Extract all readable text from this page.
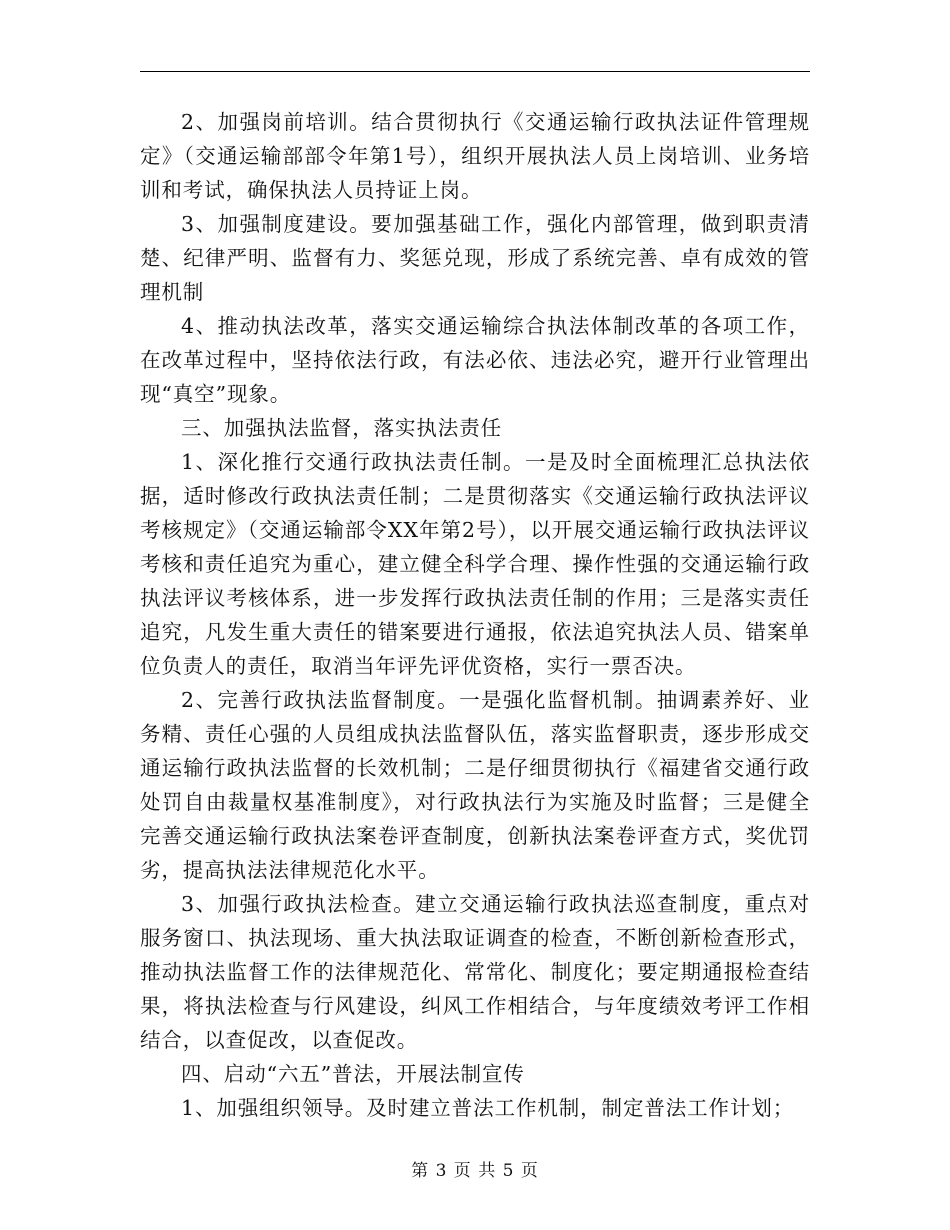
2、加强岗前培训。结合贯彻执行《交通运输行政执法证件管理规定》（交通运输部部令年第1号），组织开展执法人员上岗培训、业务培训和考试，确保执法人员持证上岗。

3、加强制度建设。要加强基础工作，强化内部管理，做到职责清楚、纪律严明、监督有力、奖惩兑现，形成了系统完善、卓有成效的管理机制

4、推动执法改革，落实交通运输综合执法体制改革的各项工作，在改革过程中，坚持依法行政，有法必依、违法必究，避开行业管理出现“真空”现象。

三、加强执法监督，落实执法责任

1、深化推行交通行政执法责任制。一是及时全面梳理汇总执法依据，适时修改行政执法责任制；二是贯彻落实《交通运输行政执法评议考核规定》（交通运输部令XX年第2号），以开展交通运输行政执法评议考核和责任追究为重心，建立健全科学合理、操作性强的交通运输行政执法评议考核体系，进一步发挥行政执法责任制的作用；三是落实责任追究，凡发生重大责任的错案要进行通报，依法追究执法人员、错案单位负责人的责任，取消当年评先评优资格，实行一票否决。

2、完善行政执法监督制度。一是强化监督机制。抽调素养好、业务精、责任心强的人员组成执法监督队伍，落实监督职责，逐步形成交通运输行政执法监督的长效机制；二是仔细贯彻执行《福建省交通行政处罚自由裁量权基准制度》，对行政执法行为实施及时监督；三是健全完善交通运输行政执法案卷评查制度，创新执法案卷评查方式，奖优罚劣，提高执法法律规范化水平。

3、加强行政执法检查。建立交通运输行政执法巡查制度，重点对服务窗口、执法现场、重大执法取证调查的检查，不断创新检查形式，推动执法监督工作的法律规范化、常常化、制度化；要定期通报检查结果，将执法检查与行风建设，纠风工作相结合，与年度绩效考评工作相结合，以查促改，以查促改。

四、启动“六五”普法，开展法制宣传

1、加强组织领导。及时建立普法工作机制，制定普法工作计划；

第 3 页 共 5 页
